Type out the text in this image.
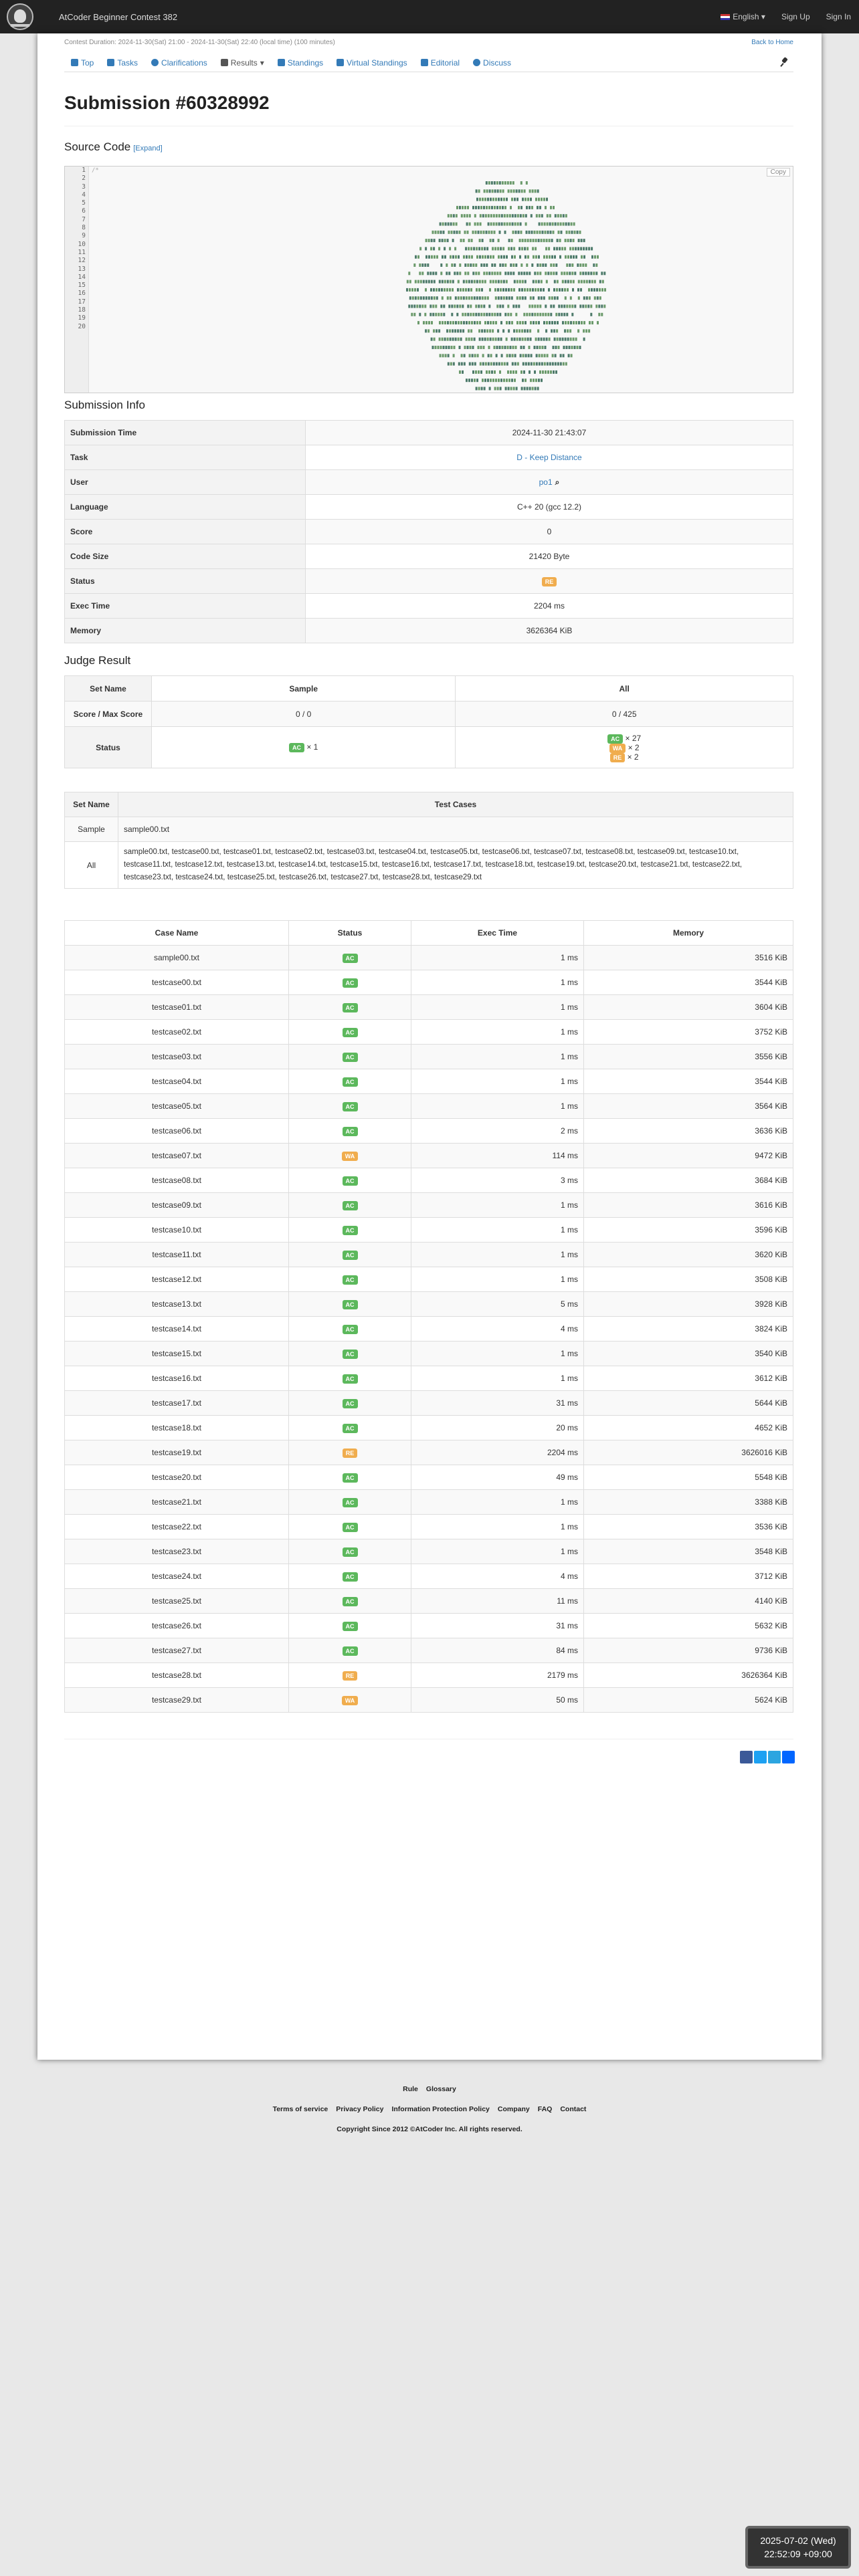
AtCoder Beginner Contest 382	English ▾ Sign Up Sign In
Contest Duration: 2024-11-30(Sat) 21:00 - 2024-11-30(Sat) 22:40 (local time) (100 minutes)	Back to Home
Top	Tasks	Clarifications	Results ▾	Standings	Virtual Standings	Editorial	Discuss
Submission #60328992
Source Code [Expand]
1
2
3
4
5
6
7
8
9
10
11
12
13
14
15
16
17
18
19
20
/*	Copy
Submission Info
Submission Time	2024-11-30 21:43:07
Task	D - Keep Distance
User	po1 ⌕
Language	C++ 20 (gcc 12.2)
Score	0
Code Size	21420 Byte
Status	RE
Exec Time	2204 ms
Memory	3626364 KiB
Judge Result
Set Name	Sample	All
Score / Max Score	0 / 0	0 / 425
Status	AC × 1	AC × 27
WA × 2
RE × 2
Set Name	Test Cases
Sample	sample00.txt
All	sample00.txt, testcase00.txt, testcase01.txt, testcase02.txt, testcase03.txt, testcase04.txt, testcase05.txt, testcase06.txt, testcase07.txt, testcase08.txt, testcase09.txt, testcase10.txt, testcase11.txt, testcase12.txt, testcase13.txt, testcase14.txt, testcase15.txt, testcase16.txt, testcase17.txt, testcase18.txt, testcase19.txt, testcase20.txt, testcase21.txt, testcase22.txt, testcase23.txt, testcase24.txt, testcase25.txt, testcase26.txt, testcase27.txt, testcase28.txt, testcase29.txt
Case Name	Status	Exec Time	Memory
sample00.txt	AC	1 ms	3516 KiB
testcase00.txt	AC	1 ms	3544 KiB
testcase01.txt	AC	1 ms	3604 KiB
testcase02.txt	AC	1 ms	3752 KiB
testcase03.txt	AC	1 ms	3556 KiB
testcase04.txt	AC	1 ms	3544 KiB
testcase05.txt	AC	1 ms	3564 KiB
testcase06.txt	AC	2 ms	3636 KiB
testcase07.txt	WA	114 ms	9472 KiB
testcase08.txt	AC	3 ms	3684 KiB
testcase09.txt	AC	1 ms	3616 KiB
testcase10.txt	AC	1 ms	3596 KiB
testcase11.txt	AC	1 ms	3620 KiB
testcase12.txt	AC	1 ms	3508 KiB
testcase13.txt	AC	5 ms	3928 KiB
testcase14.txt	AC	4 ms	3824 KiB
testcase15.txt	AC	1 ms	3540 KiB
testcase16.txt	AC	1 ms	3612 KiB
testcase17.txt	AC	31 ms	5644 KiB
testcase18.txt	AC	20 ms	4652 KiB
testcase19.txt	RE	2204 ms	3626016 KiB
testcase20.txt	AC	49 ms	5548 KiB
testcase21.txt	AC	1 ms	3388 KiB
testcase22.txt	AC	1 ms	3536 KiB
testcase23.txt	AC	1 ms	3548 KiB
testcase24.txt	AC	4 ms	3712 KiB
testcase25.txt	AC	11 ms	4140 KiB
testcase26.txt	AC	31 ms	5632 KiB
testcase27.txt	AC	84 ms	9736 KiB
testcase28.txt	RE	2179 ms	3626364 KiB
testcase29.txt	WA	50 ms	5624 KiB
Rule Glossary
Terms of service Privacy Policy Information Protection Policy Company FAQ Contact
Copyright Since 2012 ©AtCoder Inc. All rights reserved.
2025-07-02 (Wed)
22:52:09 +09:00
